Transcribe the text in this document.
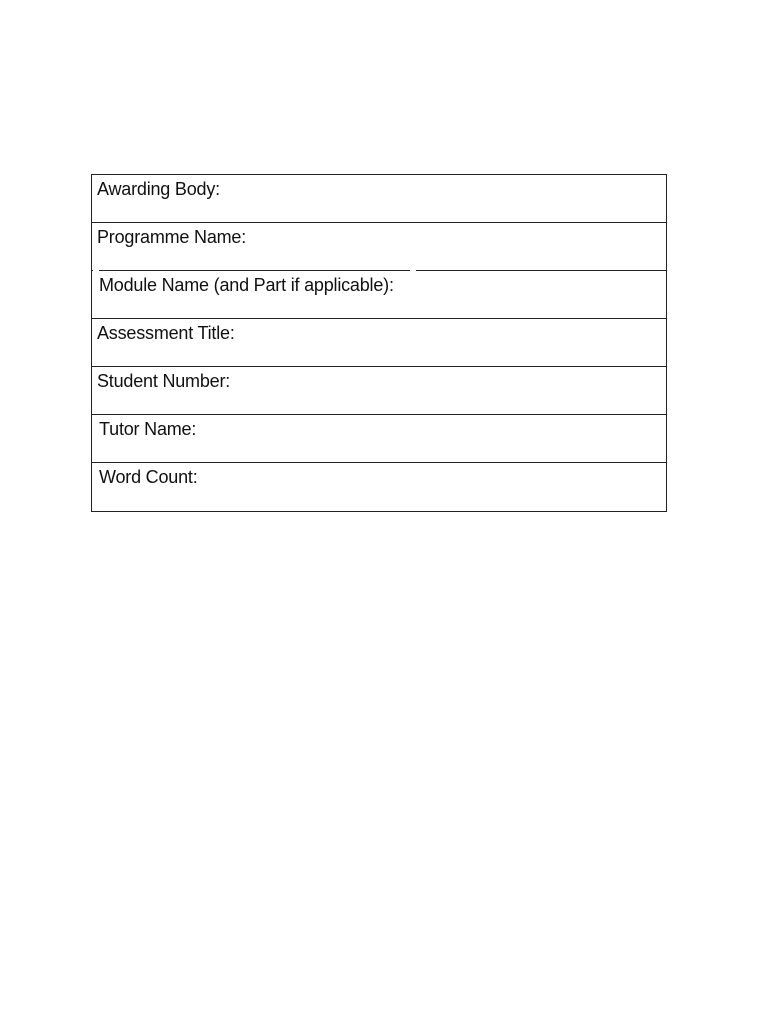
Awarding Body:
Programme Name:
Module Name (and Part if applicable):
Assessment Title:
Student Number:
Tutor Name:
Word Count:
